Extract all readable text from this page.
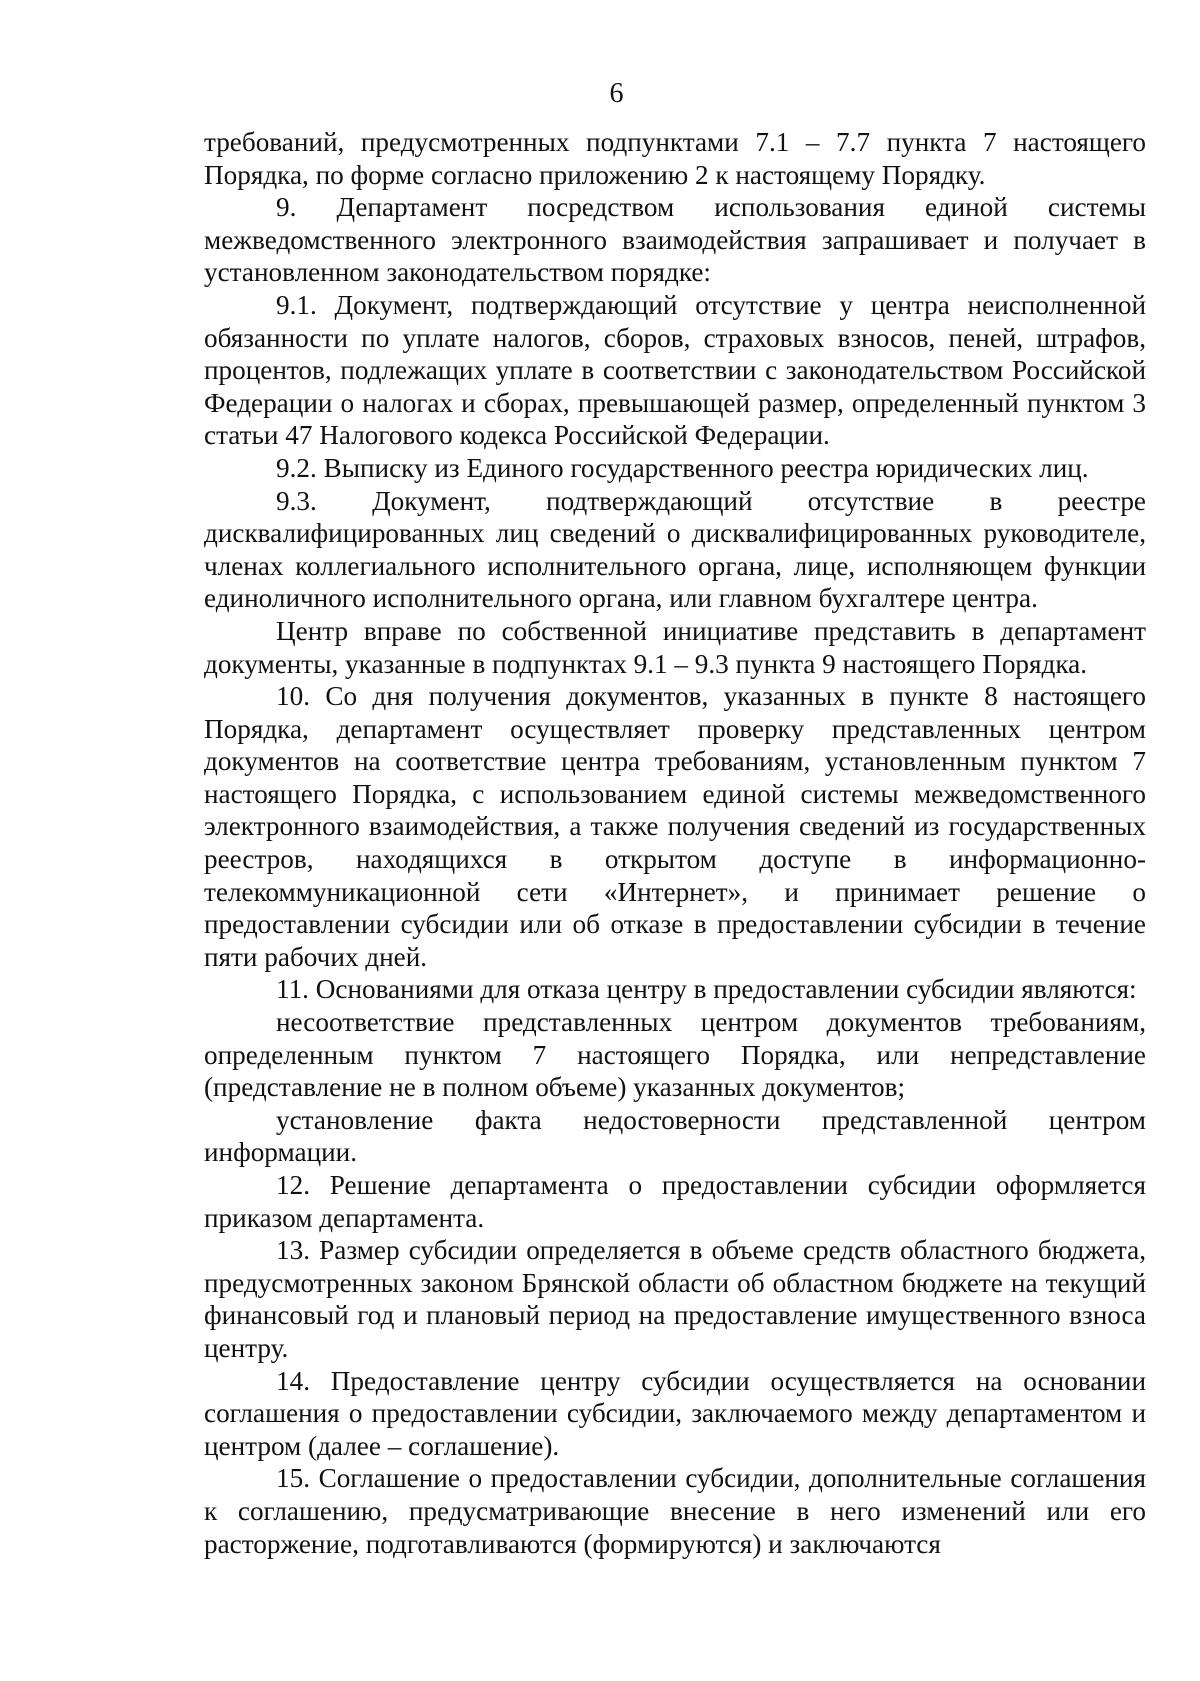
6

требований, предусмотренных подпунктами 7.1 – 7.7 пункта 7 настоящего Порядка, по форме согласно приложению 2 к настоящему Порядку.

9. Департамент посредством использования единой системы межведомственного электронного взаимодействия запрашивает и получает в установленном законодательством порядке:

9.1. Документ, подтверждающий отсутствие у центра неисполненной обязанности по уплате налогов, сборов, страховых взносов, пеней, штрафов, процентов, подлежащих уплате в соответствии с законодательством Российской Федерации о налогах и сборах, превышающей размер, определенный пунктом 3 статьи 47 Налогового кодекса Российской Федерации.

9.2. Выписку из Единого государственного реестра юридических лиц.

9.3. Документ, подтверждающий отсутствие в реестре дисквалифицированных лиц сведений о дисквалифицированных руководителе, членах коллегиального исполнительного органа, лице, исполняющем функции единоличного исполнительного органа, или главном бухгалтере центра.

Центр вправе по собственной инициативе представить в департамент документы, указанные в подпунктах 9.1 – 9.3 пункта 9 настоящего Порядка.

10. Со дня получения документов, указанных в пункте 8 настоящего Порядка, департамент осуществляет проверку представленных центром документов на соответствие центра требованиям, установленным пунктом 7 настоящего Порядка, с использованием единой системы межведомственного электронного взаимодействия, а также получения сведений из государственных реестров, находящихся в открытом доступе в информационно-телекоммуникационной сети «Интернет», и принимает решение о предоставлении субсидии или об отказе в предоставлении субсидии в течение пяти рабочих дней.

11. Основаниями для отказа центру в предоставлении субсидии являются:

несоответствие представленных центром документов требованиям, определенным пунктом 7 настоящего Порядка, или непредставление (представление не в полном объеме) указанных документов;

установление факта недостоверности представленной центром информации.

12. Решение департамента о предоставлении субсидии оформляется приказом департамента.

13. Размер субсидии определяется в объеме средств областного бюджета, предусмотренных законом Брянской области об областном бюджете на текущий финансовый год и плановый период на предоставление имущественного взноса центру.

14. Предоставление центру субсидии осуществляется на основании соглашения о предоставлении субсидии, заключаемого между департаментом и центром (далее – соглашение).

15. Соглашение о предоставлении субсидии, дополнительные соглашения к соглашению, предусматривающие внесение в него изменений или его расторжение, подготавливаются (формируются) и заключаются
